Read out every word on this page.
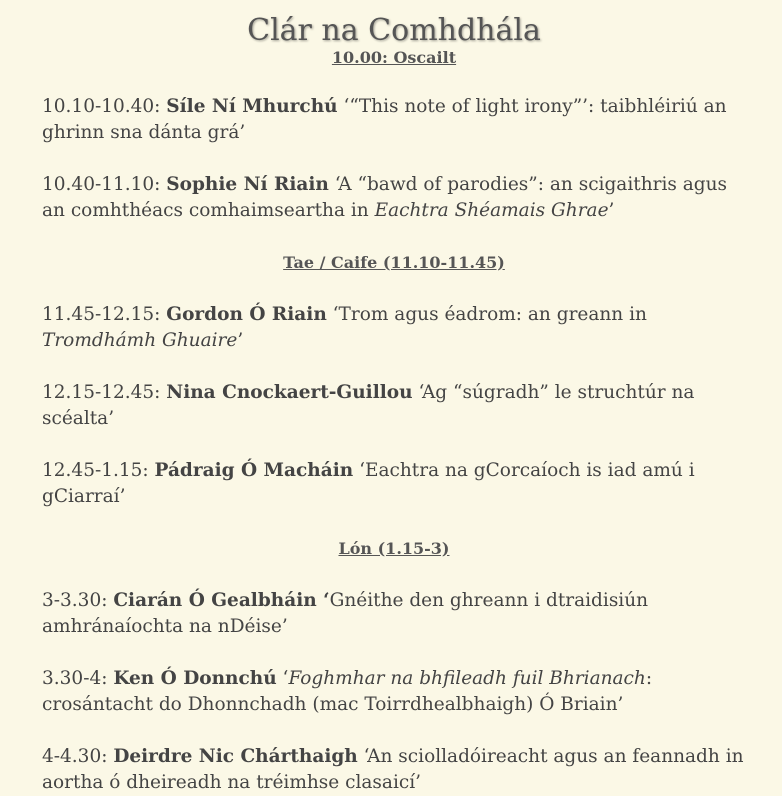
Clár na Comhdhála
10.00: Oscailt

10.10-10.40: Síle Ní Mhurchú ‘“This note of light irony”’: taibhléiriú an ghrinn sna dánta grá’

10.40-11.10: Sophie Ní Riain ‘A “bawd of parodies”: an scigaithris agus an comhthéacs comhaimseartha in Eachtra Shéamais Ghrae’

Tae / Caife (11.10-11.45)

11.45-12.15: Gordon Ó Riain ‘Trom agus éadrom: an greann in Tromdhámh Ghuaire’

12.15-12.45: Nina Cnockaert-Guillou ‘Ag “súgradh” le struchtúr na scéalta’

12.45-1.15: Pádraig Ó Macháin ‘Eachtra na gCorcaíoch is iad amú i gCiarraí’

Lón (1.15-3)

3-3.30: Ciarán Ó Gealbháin ‘Gnéithe den ghreann i dtraidisiún amhránaíochta na nDéise’

3.30-4: Ken Ó Donnchú ‘Foghmhar na bhfileadh fuil Bhrianach: crosántacht do Dhonnchadh (mac Toirrdhealbhaigh) Ó Briain’

4-4.30: Deirdre Nic Chárthaigh ‘An sciolladóireacht agus an feannadh in aortha ó dheireadh na tréimhse clasaicí’
